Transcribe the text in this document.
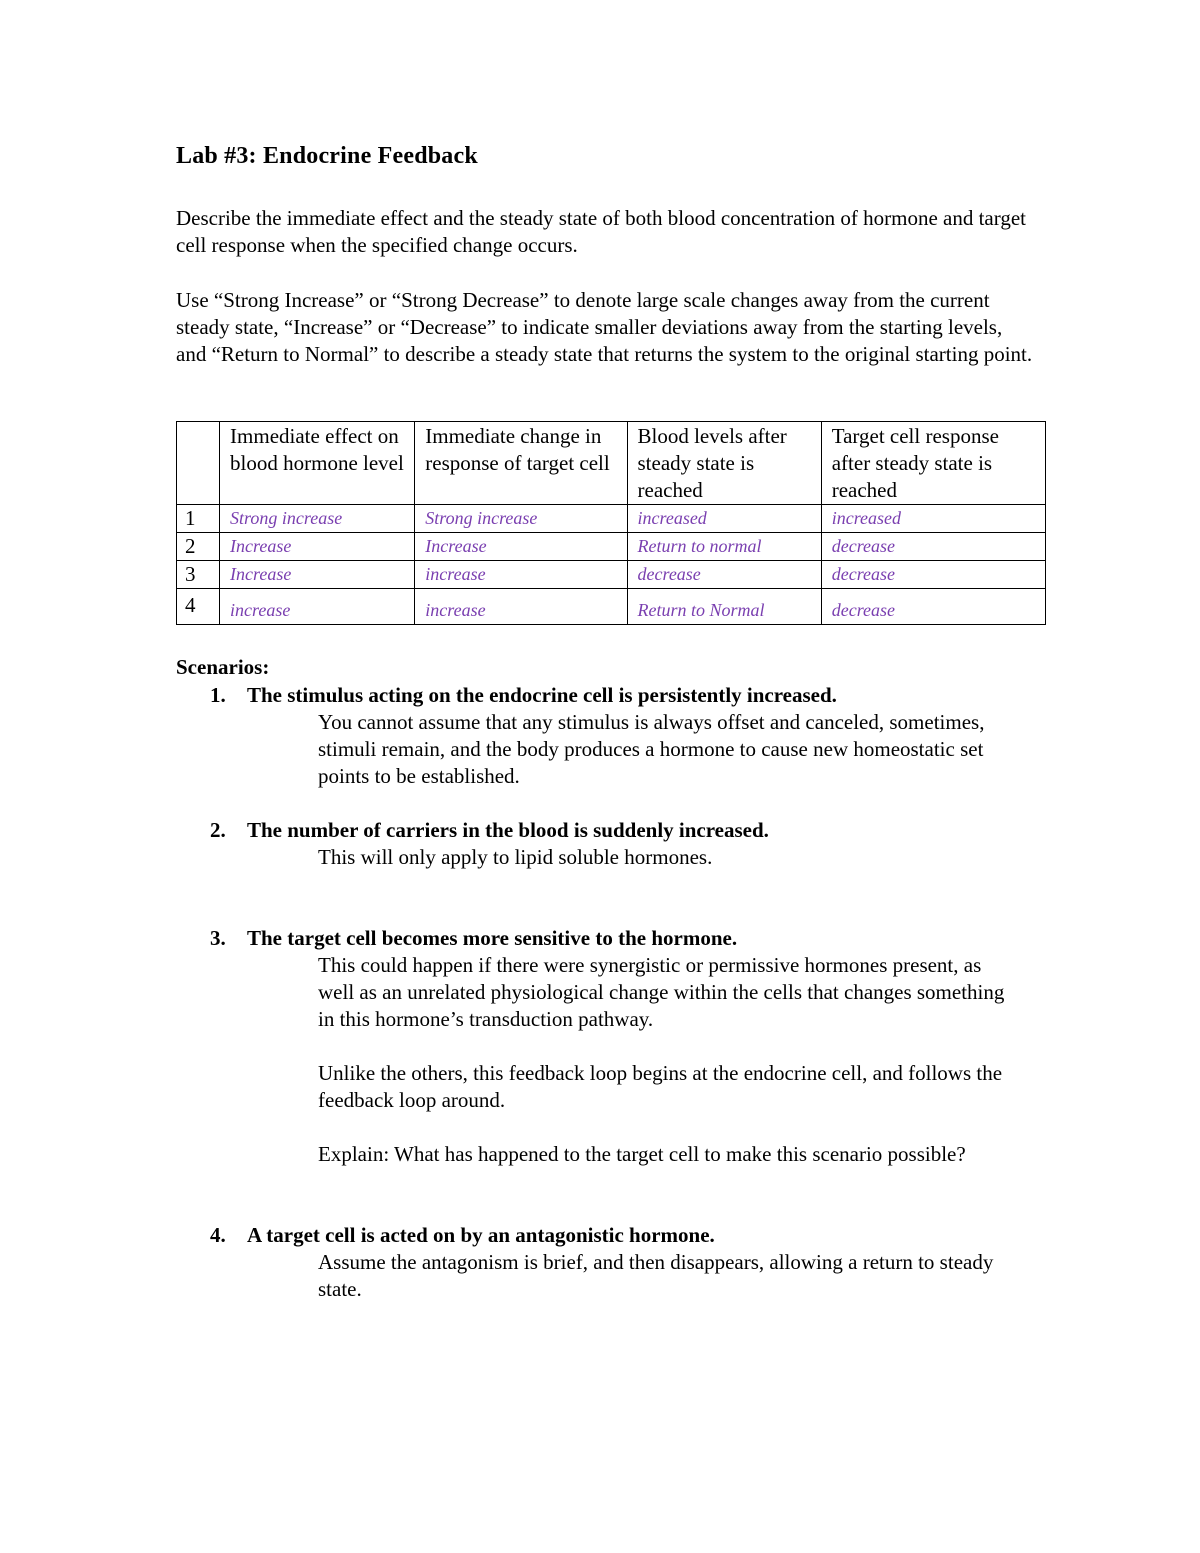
Lab #3: Endocrine Feedback

Describe the immediate effect and the steady state of both blood concentration of hormone and target cell response when the specified change occurs.

Use “Strong Increase” or “Strong Decrease” to denote large scale changes away from the current steady state, “Increase” or “Decrease” to indicate smaller deviations away from the starting levels, and “Return to Normal” to describe a steady state that returns the system to the original starting point.

	Immediate effect on blood hormone level	Immediate change in response of target cell	Blood levels after steady state is reached	Target cell response after steady state is reached
1	Strong increase	Strong increase	increased	increased
2	Increase	Increase	Return to normal	decrease
3	Increase	increase	decrease	decrease
4	increase	increase	Return to Normal	decrease
Scenarios:
1. The stimulus acting on the endocrine cell is persistently increased.

You cannot assume that any stimulus is always offset and canceled, sometimes, stimuli remain, and the body produces a hormone to cause new homeostatic set points to be established.

2. The number of carriers in the blood is suddenly increased.

This will only apply to lipid soluble hormones.

3. The target cell becomes more sensitive to the hormone.

This could happen if there were synergistic or permissive hormones present, as well as an unrelated physiological change within the cells that changes something in this hormone’s transduction pathway.

Unlike the others, this feedback loop begins at the endocrine cell, and follows the feedback loop around.

Explain: What has happened to the target cell to make this scenario possible?

4. A target cell is acted on by an antagonistic hormone.

Assume the antagonism is brief, and then disappears, allowing a return to steady state.
